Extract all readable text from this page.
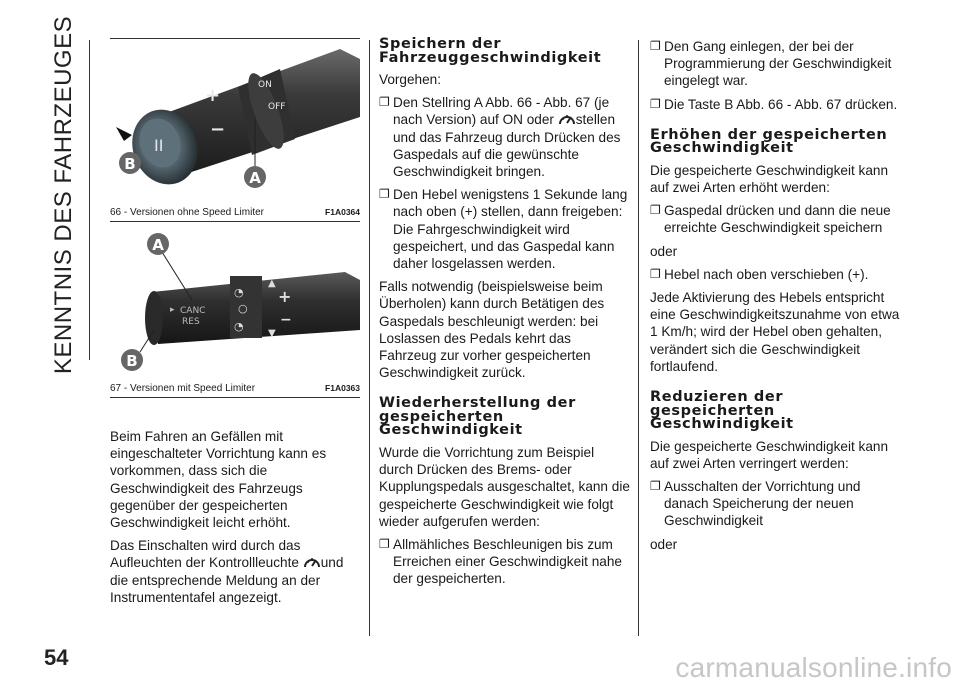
KENNTNIS DES FAHRZEUGES	II
+
−
ON
OFF
A
B
66 - Versionen ohne Speed Limiter	F1A0364
▸ CANC
RES
◔
○
◔
+
−
▲
▼
A
B
67 - Versionen mit Speed Limiter	F1A0363

Beim Fahren an Gefällen mit eingeschalteter Vorrichtung kann es vorkommen, dass sich die Geschwindigkeit des Fahrzeugs gegenüber der gespeicherten Geschwindigkeit leicht erhöht.

Das Einschalten wird durch das Aufleuchten der Kontrollleuchte und die entsprechende Meldung an der Instrumententafel angezeigt.

Speichern der Fahrzeuggeschwindigkeit

Vorgehen:

❐ Den Stellring A Abb. 66 - Abb. 67 (je nach Version) auf ON oder stellen und das Fahrzeug durch Drücken des Gaspedals auf die gewünschte Geschwindigkeit bringen.
❐ Den Hebel wenigstens 1 Sekunde lang nach oben (+) stellen, dann freigeben: Die Fahrgeschwindigkeit wird gespeichert, und das Gaspedal kann daher losgelassen werden.

Falls notwendig (beispielsweise beim Überholen) kann durch Betätigen des Gaspedals beschleunigt werden: bei Loslassen des Pedals kehrt das Fahrzeug zur vorher gespeicherten Geschwindigkeit zurück.

Wiederherstellung der gespeicherten Geschwindigkeit

Wurde die Vorrichtung zum Beispiel durch Drücken des Brems- oder Kupplungspedals ausgeschaltet, kann die gespeicherte Geschwindigkeit wie folgt wieder aufgerufen werden:

❐ Allmähliches Beschleunigen bis zum Erreichen einer Geschwindigkeit nahe der gespeicherten.
❐ Den Gang einlegen, der bei der Programmierung der Geschwindigkeit eingelegt war.
❐ Die Taste B Abb. 66 - Abb. 67 drücken.
Erhöhen der gespeicherten Geschwindigkeit

Die gespeicherte Geschwindigkeit kann auf zwei Arten erhöht werden:

❐ Gaspedal drücken und dann die neue erreichte Geschwindigkeit speichern

oder

❐ Hebel nach oben verschieben (+).

Jede Aktivierung des Hebels entspricht eine Geschwindigkeitszunahme von etwa 1 Km/h; wird der Hebel oben gehalten, verändert sich die Geschwindigkeit fortlaufend.

Reduzieren der gespeicherten Geschwindigkeit

Die gespeicherte Geschwindigkeit kann auf zwei Arten verringert werden:

❐ Ausschalten der Vorrichtung und danach Speicherung der neuen Geschwindigkeit

oder

54	carmanualsonline.info
